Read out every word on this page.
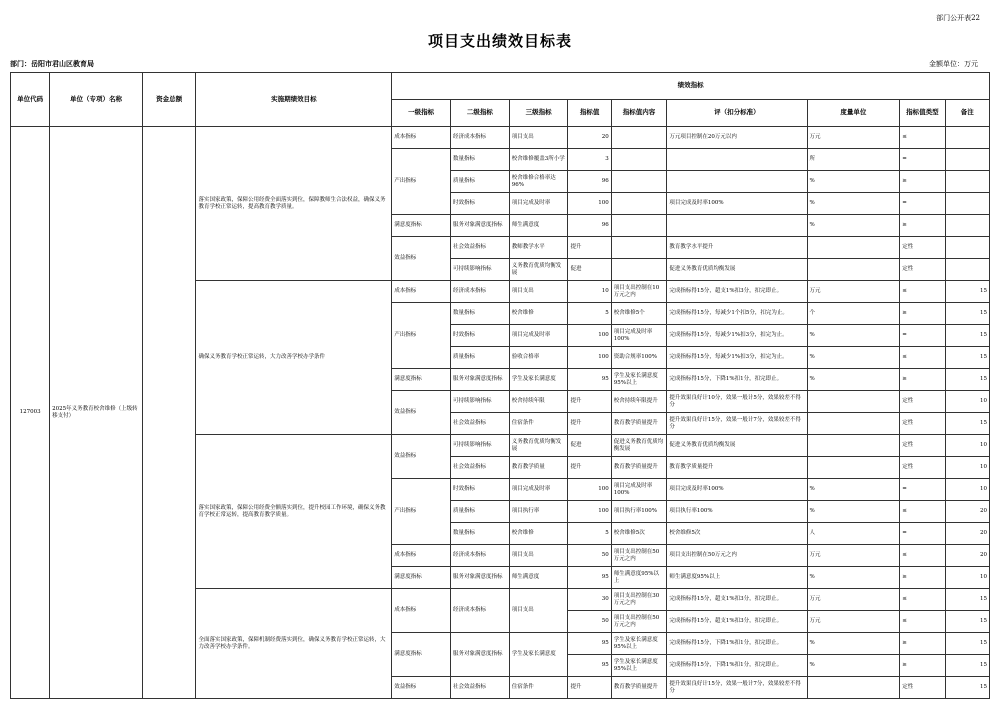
部门公开表22
项目支出绩效目标表
部门：岳阳市君山区教育局	金额单位：万元
单位代码	单位（专项）名称	资金总额	实施期绩效目标	绩效指标								
				一级指标	二级指标	三级指标	指标值	指标值内容	评（扣分标准）	度量单位	指标值类型	备注
127003	2025年义务教育校舍维修（上级转移支付）		落实国家政策，保障公用经费全面落实到位，保障教师生合法权益，确保义务教育学校正常运转，提高教育教学质量。	成本指标	经济成本指标	项目支出	20		万元项目控制在20万元以内	万元	≤	
				产出指标	数量指标	校舍维修覆盖3所小学	3			所	=	
					质量指标	校舍维修合格率达96%	96			%	≥	
					时效指标	项目完成及时率	100		项目完成及时率100%	%	=	
				满意度指标	服务对象满意度指标	师生满意度	96			%	≥	
				效益指标	社会效益指标	教师教学水平	提升		教育教学水平提升		定性	
					可持续影响指标	义务教育优质均衡发展	促进		促进义务教育优质均衡发展		定性	
			确保义务教育学校正常运转，大力改善学校办学条件	成本指标	经济成本指标	项目支出	10	项目支出控制在10万元之内	完成指标得15分，超支1%扣3分，扣完即止。	万元	≤	15
				产出指标	数量指标	校舍维修	5	校舍维修5个	完成指标得15分，每减少1个扣5分，扣完为止。	个	≥	15
					时效指标	项目完成及时率	100	项目完成及时率100%	完成指标得15分，每减少1%扣3分，扣完为止。	%	=	15
					质量指标	验收合格率	100	资助合规率100%	完成指标得15分，每减少1%扣3分，扣完为止。	%	≤	15
				满意度指标	服务对象满意度指标	学生及家长满意度	95	学生及家长满意度95%以上	完成指标得15分，下降1%扣1分，扣完即止。	%	≥	15
				效益指标	可持续影响指标	校舍持续年限	提升	校舍持续年限提升	提升效果良好计10分，效果一般计5分，效果较差不得分		定性	10
					社会效益指标	住宿条件	提升	教育教学质量提升	提升效果良好计15分，效果一般计7分，效果较差不得分		定性	15
			落实国家政策，保障公用经费全额落实到位，提升校园工作环境，确保义务教育学校正常运转，提高教育教学质量。	效益指标	可持续影响指标	义务教育优质均衡发展	促进	促进义务教育优质均衡发展	促进义务教育优质均衡发展		定性	10
					社会效益指标	教育教学质量	提升	教育教学质量提升	教育教学质量提升		定性	10
				产出指标	时效指标	项目完成及时率	100	项目完成及时率100%	项目完成及时率100%	%	=	10
					质量指标	项目执行率	100	项目执行率100%	项目执行率100%	%	≤	20
					数量指标	校舍维修	5	校舍维修5次	校舍维修5次	人	=	20
				成本指标	经济成本指标	项目支出	50	项目支出控制在50万元之内	项目支出控制在50万元之内	万元	≤	20
				满意度指标	服务对象满意度指标	师生满意度	95	师生满意度95%以上	师生满意度95%以上	%	≥	10
			全面落实国家政策，保障机制经费落实到位，确保义务教育学校正常运转，大力改善学校办学条件。	成本指标	经济成本指标	项目支出	30	项目支出控制在30万元之内	完成指标得15分，超支1%扣3分，扣完即止。	万元	≤	15
							50	项目支出控制在50万元之内	完成指标得15分，超支1%扣3分，扣完即止。	万元	≤	15
				满意度指标	服务对象满意度指标	学生及家长满意度	95	学生及家长满意度95%以上	完成指标得15分，下降1%扣1分，扣完即止。	%	≥	15
							95	学生及家长满意度95%以上	完成指标得15分，下降1%扣1分，扣完即止。	%	≥	15
				效益指标	社会效益指标	住宿条件	提升	教育教学质量提升	提升效果良好计15分，效果一般计7分，效果较差不得分		定性	15
